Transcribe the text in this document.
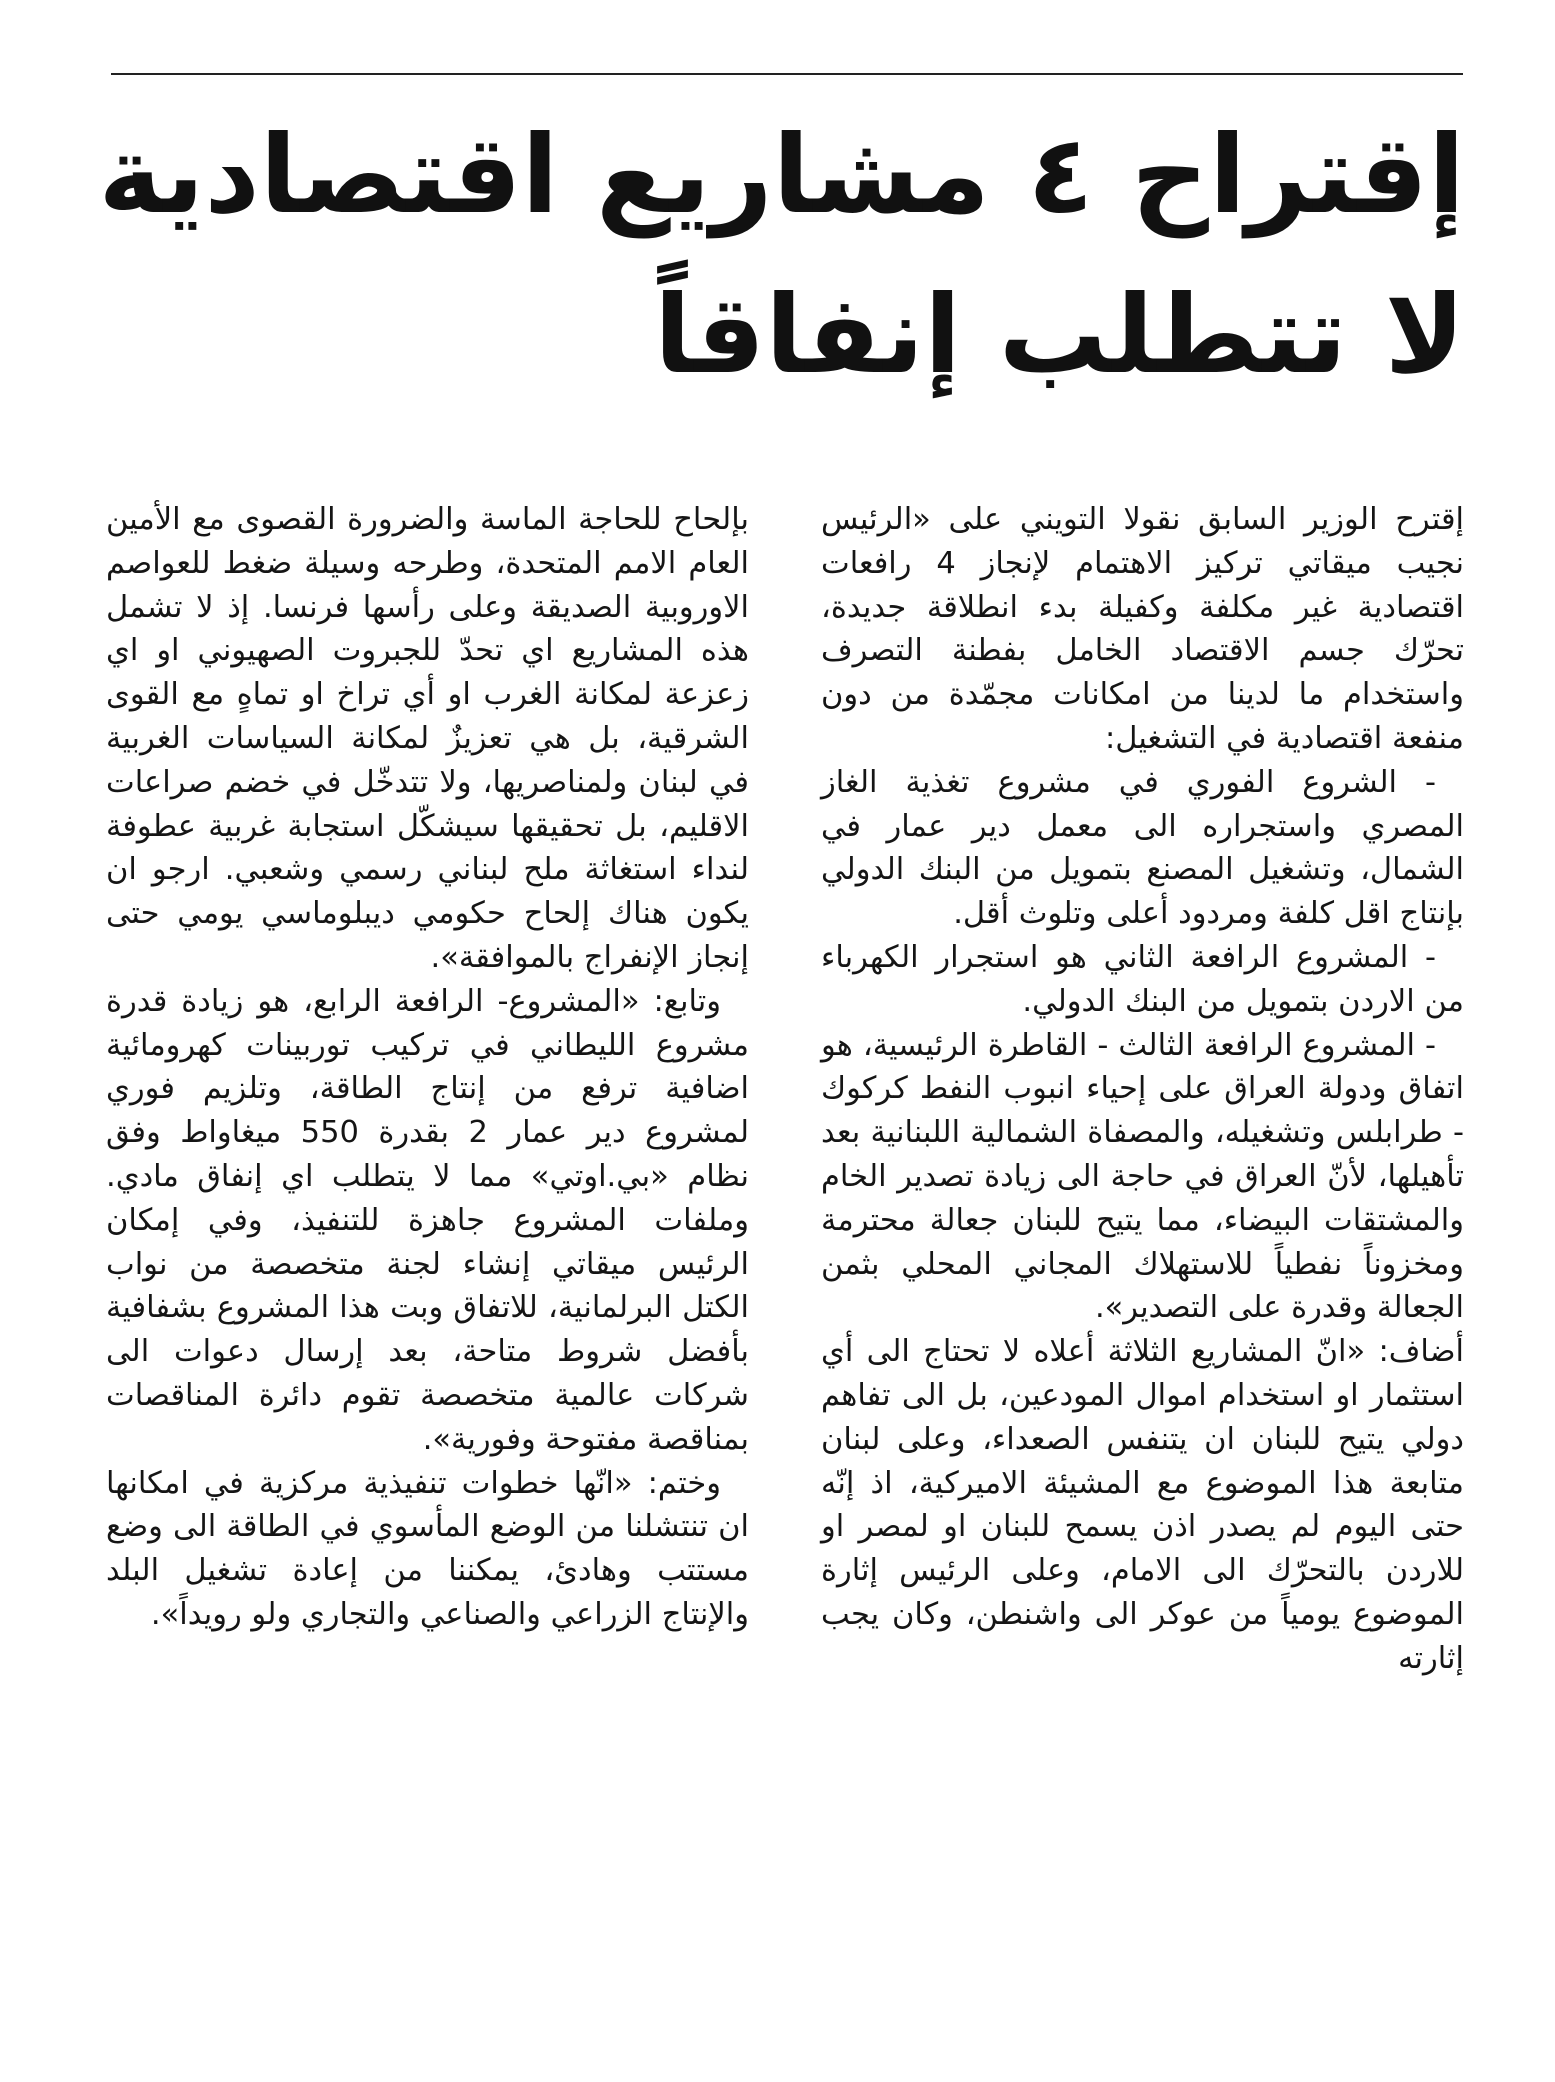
إقتراح ٤ مشاريع اقتصادية
لا تتطلب إنفاقاً

إقترح الوزير السابق نقولا التويني على «الرئيس نجيب ميقاتي تركيز الاهتمام لإنجاز 4 رافعات اقتصادية غير مكلفة وكفيلة بدء انطلاقة جديدة، تحرّك جسم الاقتصاد الخامل بفطنة التصرف واستخدام ما لدينا من امكانات مجمّدة من دون منفعة اقتصادية في التشغيل:

- الشروع الفوري في مشروع تغذية الغاز المصري واستجراره الى معمل دير عمار في الشمال، وتشغيل المصنع بتمويل من البنك الدولي بإنتاج اقل كلفة ومردود أعلى وتلوث أقل.

- المشروع الرافعة الثاني هو استجرار الكهرباء من الاردن بتمويل من البنك الدولي.

- المشروع الرافعة الثالث - القاطرة الرئيسية، هو اتفاق ودولة العراق على إحياء انبوب النفط كركوك - طرابلس وتشغيله، والمصفاة الشمالية اللبنانية بعد تأهيلها، لأنّ العراق في حاجة الى زيادة تصدير الخام والمشتقات البيضاء، مما يتيح للبنان جعالة محترمة ومخزوناً نفطياً للاستهلاك المجاني المحلي بثمن الجعالة وقدرة على التصدير».

أضاف: «انّ المشاريع الثلاثة أعلاه لا تحتاج الى أي استثمار او استخدام اموال المودعين، بل الى تفاهم دولي يتيح للبنان ان يتنفس الصعداء، وعلى لبنان متابعة هذا الموضوع مع المشيئة الاميركية، اذ إنّه حتى اليوم لم يصدر اذن يسمح للبنان او لمصر او للاردن بالتحرّك الى الامام، وعلى الرئيس إثارة الموضوع يومياً من عوكر الى واشنطن، وكان يجب إثارته

بإلحاح للحاجة الماسة والضرورة القصوى مع الأمين العام الامم المتحدة، وطرحه وسيلة ضغط للعواصم الاوروبية الصديقة وعلى رأسها فرنسا. إذ لا تشمل هذه المشاريع اي تحدّ للجبروت الصهيوني او اي زعزعة لمكانة الغرب او أي تراخ او تماهٍ مع القوى الشرقية، بل هي تعزيزٌ لمكانة السياسات الغربية في لبنان ولمناصريها، ولا تتدخّل في خضم صراعات الاقليم، بل تحقيقها سيشكّل استجابة غربية عطوفة لنداء استغاثة ملح لبناني رسمي وشعبي. ارجو ان يكون هناك إلحاح حكومي ديبلوماسي يومي حتى إنجاز الإنفراج بالموافقة».

وتابع: «المشروع- الرافعة الرابع، هو زيادة قدرة مشروع الليطاني في تركيب توربينات كهرومائية اضافية ترفع من إنتاج الطاقة، وتلزيم فوري لمشروع دير عمار 2 بقدرة 550 ميغاواط وفق نظام «بي.اوتي» مما لا يتطلب اي إنفاق مادي. وملفات المشروع جاهزة للتنفيذ، وفي إمكان الرئيس ميقاتي إنشاء لجنة متخصصة من نواب الكتل البرلمانية، للاتفاق وبت هذا المشروع بشفافية بأفضل شروط متاحة، بعد إرسال دعوات الى شركات عالمية متخصصة تقوم دائرة المناقصات بمناقصة مفتوحة وفورية».

وختم: «انّها خطوات تنفيذية مركزية في امكانها ان تنتشلنا من الوضع المأسوي في الطاقة الى وضع مستتب وهادئ، يمكننا من إعادة تشغيل البلد والإنتاج الزراعي والصناعي والتجاري ولو رويداً».
